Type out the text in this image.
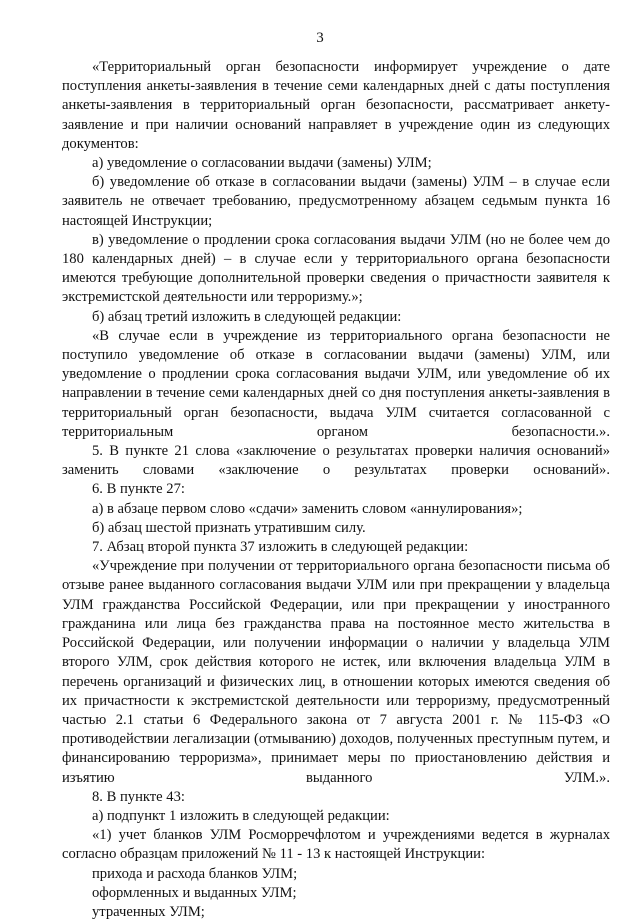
3

«Территориальный орган безопасности информирует учреждение о дате поступления анкеты-заявления в течение семи календарных дней с даты поступления анкеты-заявления в территориальный орган безопасности, рассматривает анкету-заявление и при наличии оснований направляет в учреждение один из следующих документов:

а) уведомление о согласовании выдачи (замены) УЛМ;

б) уведомление об отказе в согласовании выдачи (замены) УЛМ – в случае если заявитель не отвечает требованию, предусмотренному абзацем седьмым пункта 16 настоящей Инструкции;

в) уведомление о продлении срока согласования выдачи УЛМ (но не более чем до 180 календарных дней) – в случае если у территориального органа безопасности имеются требующие дополнительной проверки сведения о причастности заявителя к экстремистской деятельности или терроризму.»;

б) абзац третий изложить в следующей редакции:

«В случае если в учреждение из территориального органа безопасности не поступило уведомление об отказе в согласовании выдачи (замены) УЛМ, или уведомление о продлении срока согласования выдачи УЛМ, или уведомление об их направлении в течение семи календарных дней со дня поступления анкеты-заявления в территориальный орган безопасности, выдача УЛМ считается согласованной с территориальным органом безопасности.».

5. В пункте 21 слова «заключение о результатах проверки наличия оснований» заменить словами «заключение о результатах проверки оснований».

6. В пункте 27:

а) в абзаце первом слово «сдачи» заменить словом «аннулирования»;

б) абзац шестой признать утратившим силу.

7. Абзац второй пункта 37 изложить в следующей редакции:

«Учреждение при получении от территориального органа безопасности письма об отзыве ранее выданного согласования выдачи УЛМ или при прекращении у владельца УЛМ гражданства Российской Федерации, или при прекращении у иностранного гражданина или лица без гражданства права на постоянное место жительства в Российской Федерации, или получении информации о наличии у владельца УЛМ второго УЛМ, срок действия которого не истек, или включения владельца УЛМ в перечень организаций и физических лиц, в отношении которых имеются сведения об их причастности к экстремистской деятельности или терроризму, предусмотренный частью 2.1 статьи 6 Федерального закона от 7 августа 2001 г. № 115-ФЗ «О противодействии легализации (отмыванию) доходов, полученных преступным путем, и финансированию терроризма», принимает меры по приостановлению действия и изъятию выданного УЛМ.».

8. В пункте 43:

а) подпункт 1 изложить в следующей редакции:

«1) учет бланков УЛМ Росморречфлотом и учреждениями ведется в журналах согласно образцам приложений № 11 - 13 к настоящей Инструкции:

прихода и расхода бланков УЛМ;

оформленных и выданных УЛМ;

утраченных УЛМ;
